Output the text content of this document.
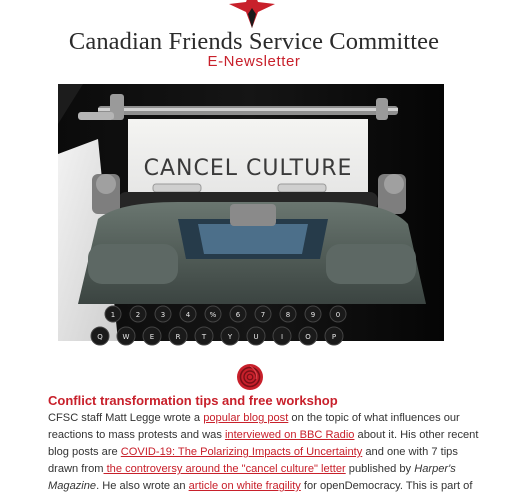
Canadian Friends Service Committee
E-Newsletter
CANCEL CULTURE
1	2	3	4	%	6	7	8	9	0
Q	W	E	R	T	Y	U	I	O	P
Conflict transformation tips and free workshop
CFSC staff Matt Legge wrote a popular blog post on the topic of what influences our
reactions to mass protests and was interviewed on BBC Radio about it. His other recent
blog posts are COVID-19: The Polarizing Impacts of Uncertainty and one with 7 tips
drawn from the controversy around the "cancel culture" letter published by Harper's
Magazine. He also wrote an article on white fragility for openDemocracy. This is part of
